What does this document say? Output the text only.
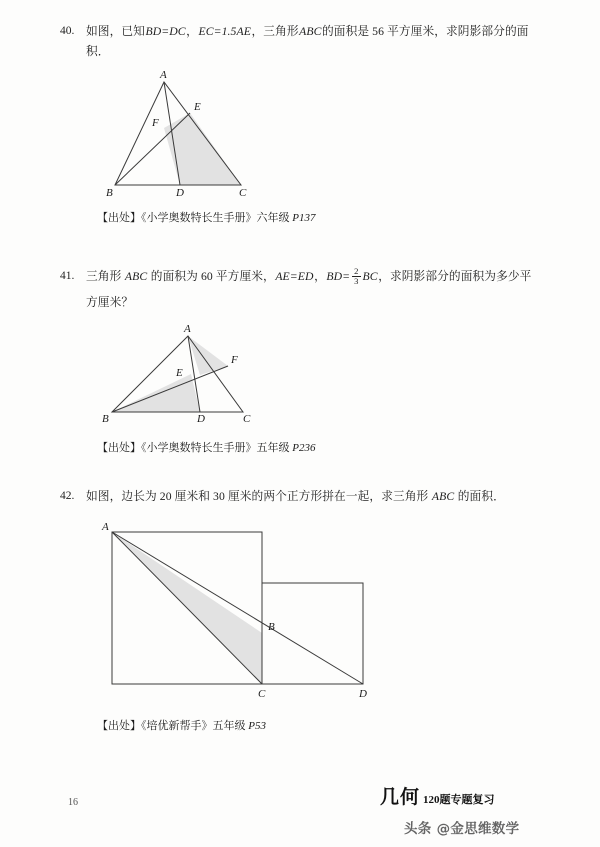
40. 如图，已知BD=DC，EC=1.5AE，三角形ABC的面积是 56 平方厘米，求阴影部分的面
积．
A
B	C
D
E
F
【出处】《小学奥数特长生手册》六年级 P137
41. 三角形 ABC 的面积为 60 平方厘米，AE=ED，$BD= \frac{2}{3}$ BC，求阴影部分的面积为多少平
方厘米？
A
B	C
D
E
F
【出处】《小学奥数特长生手册》五年级 P236
42. 如图，边长为 20 厘米和 30 厘米的两个正方形拼在一起，求三角形 ABC 的面积．
A
B
C	D
【出处】《培优新帮手》五年级 P53
16	几何 120题专题复习
头条 @金思维数学
